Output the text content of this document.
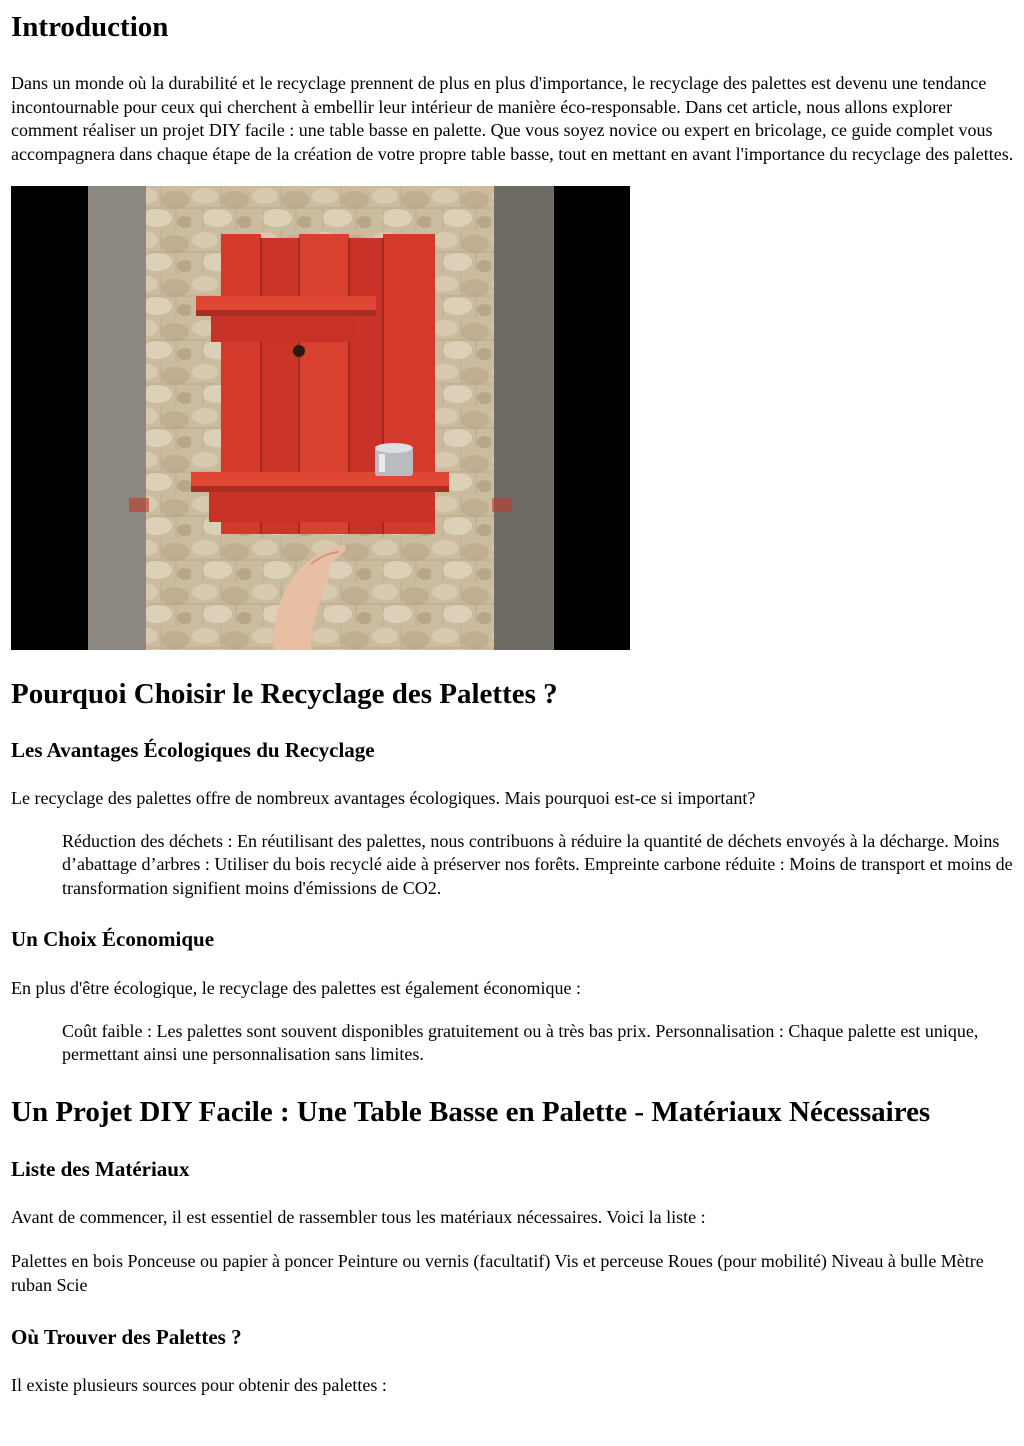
Introduction

Dans un monde où la durabilité et le recyclage prennent de plus en plus d'importance, le recyclage des palettes est devenu une tendance incontournable pour ceux qui cherchent à embellir leur intérieur de manière éco-responsable. Dans cet article, nous allons explorer comment réaliser un projet DIY facile : une table basse en palette. Que vous soyez novice ou expert en bricolage, ce guide complet vous accompagnera dans chaque étape de la création de votre propre table basse, tout en mettant en avant l'importance du recyclage des palettes.

Pourquoi Choisir le Recyclage des Palettes ?
Les Avantages Écologiques du Recyclage

Le recyclage des palettes offre de nombreux avantages écologiques. Mais pourquoi est-ce si important?

Réduction des déchets : En réutilisant des palettes, nous contribuons à réduire la quantité de déchets envoyés à la décharge. Moins d’abattage d’arbres : Utiliser du bois recyclé aide à préserver nos forêts. Empreinte carbone réduite : Moins de transport et moins de transformation signifient moins d'émissions de CO2.
Un Choix Économique

En plus d'être écologique, le recyclage des palettes est également économique :

Coût faible : Les palettes sont souvent disponibles gratuitement ou à très bas prix. Personnalisation : Chaque palette est unique, permettant ainsi une personnalisation sans limites.
Un Projet DIY Facile : Une Table Basse en Palette - Matériaux Nécessaires
Liste des Matériaux

Avant de commencer, il est essentiel de rassembler tous les matériaux nécessaires. Voici la liste :

Palettes en bois Ponceuse ou papier à poncer Peinture ou vernis (facultatif) Vis et perceuse Roues (pour mobilité) Niveau à bulle Mètre ruban Scie

Où Trouver des Palettes ?

Il existe plusieurs sources pour obtenir des palettes :
